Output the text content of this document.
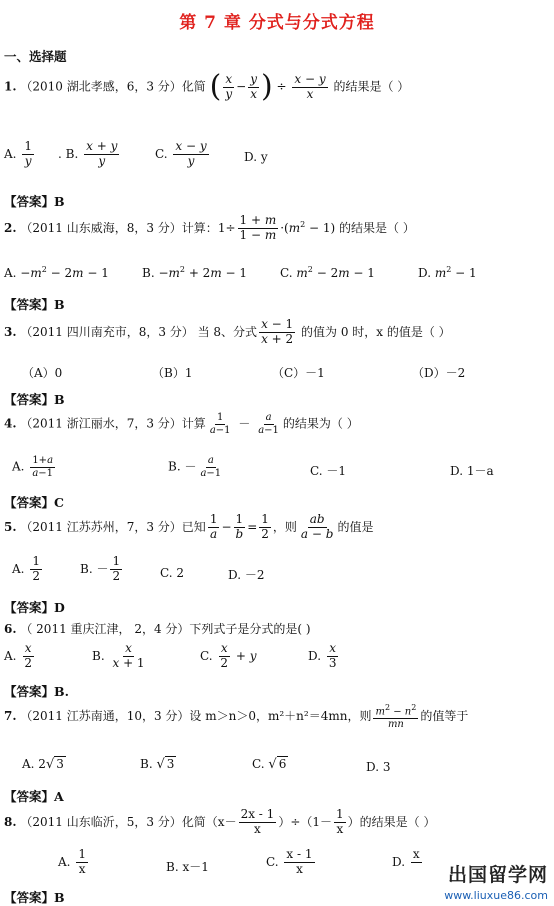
第 7 章 分式与分式方程
一、选择题
1. （2010 湖北孝感，6，3 分）化简 ( $\frac{x}{y} - \frac{y}{x}$ ) ÷ $\frac{x - y}{x}$ 的结果是（ ）
A. $\frac{1}{y}$ . B. $\frac{x + y}{y}$	C. $\frac{x - y}{y}$	D. y
【答案】B
2. （2011 山东威海，8，3 分）计算：$1\div \frac{1 + m}{1 - m} \cdot(m^2 - 1)$ 的结果是（ ）
A. $-m^2 - 2m - 1$	B. $-m^2 + 2m - 1$	C. $m^2 - 2m - 1$	D. $m^2 - 1$
【答案】B
3. （2011 四川南充市，8，3 分） 当 8、分式 $\frac{x - 1}{x + 2}$ 的值为 0 时，x 的值是（ ）
（A）0	（B）1	（C）－1	（D）－2
【答案】B
4. （2011 浙江丽水，7，3 分）计算 $\frac{1}{a-1} - \frac{a}{a-1}$ 的结果为（ ）
A. $\frac{1+a}{a-1}$	B. － $\frac{a}{a-1}$	C. －1	D. 1－a
【答案】C
5. （2011 江苏苏州，7，3 分）已知 $\frac{1}{a} - \frac{1}{b} = \frac{1}{2}$ ，则 $\frac{ab}{a - b}$ 的值是
A. $\frac{1}{2}$	B. － $\frac{1}{2}$	C. 2	D. －2
【答案】D
6. （ 2011 重庆江津， 2，4 分）下列式子是分式的是( )
A. $\frac{x}{2}$	B. $\frac{x}{x + 1}$	C. $\frac{x}{2} + y$	D. $\frac{x}{3}$
【答案】B.
7. （2011 江苏南通，10，3 分）设 m＞n＞0，m²＋n²＝4mn，则 $\frac{m^2 - n^2}{mn}$ 的值等于
A. 2√ 3	B. √ 3	C. √ 6	D. 3
【答案】A
8. （2011 山东临沂，5，3 分）化简$(x- \frac{2x - 1}{x} )\div(1- \frac{1}{x}$ ）的结果是（ ）
A. $\frac{1}{x}$	B. x－1	C. $\frac{x - 1}{x}$	D.
x

【答案】B
出国留学网
www.liuxue86.com
